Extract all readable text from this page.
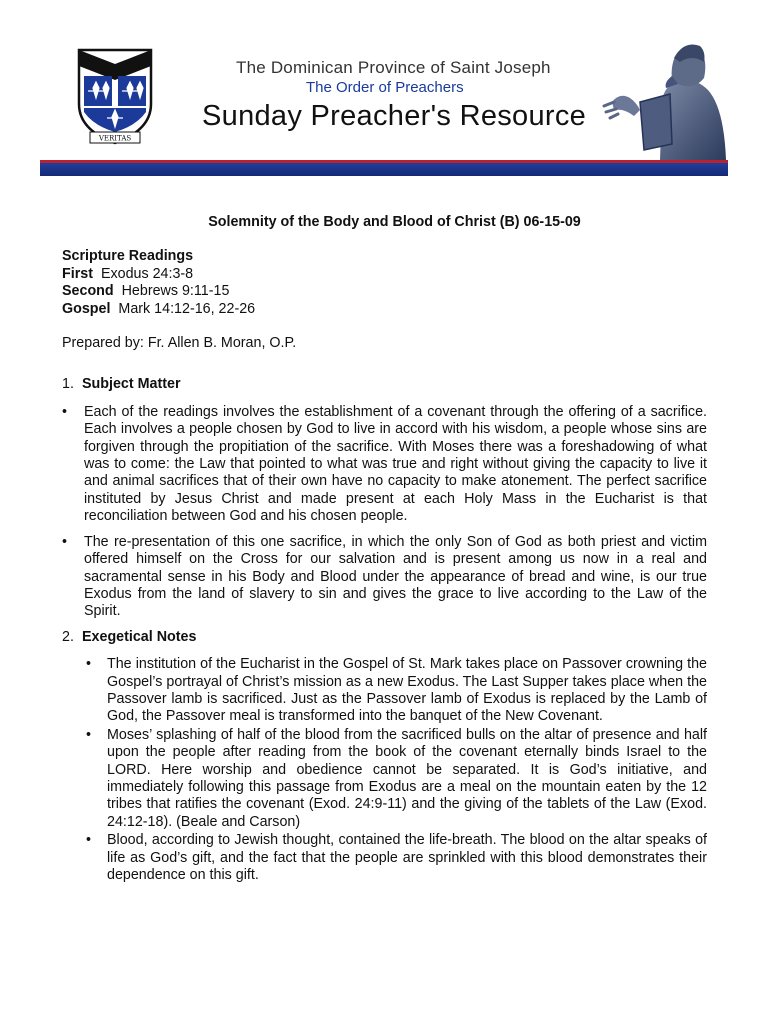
VERITAS
The Dominican Province of Saint Joseph
The Order of Preachers
Sunday Preacher's Resource
Solemnity of the Body and Blood of Christ (B) 06-15-09
Scripture Readings
First Exodus 24:3-8
Second Hebrews 9:11-15
Gospel Mark 14:12-16, 22-26
Prepared by: Fr. Allen B. Moran, O.P.
1. Subject Matter
• Each of the readings involves the establishment of a covenant through the offering of a sacrifice. Each involves a people chosen by God to live in accord with his wisdom, a people whose sins are forgiven through the propitiation of the sacrifice. With Moses there was a foreshadowing of what was to come: the Law that pointed to what was true and right without giving the capacity to live it and animal sacrifices that of their own have no capacity to make atonement. The perfect sacrifice instituted by Jesus Christ and made present at each Holy Mass in the Eucharist is that reconciliation between God and his chosen people.
• The re-presentation of this one sacrifice, in which the only Son of God as both priest and victim offered himself on the Cross for our salvation and is present among us now in a real and sacramental sense in his Body and Blood under the appearance of bread and wine, is our true Exodus from the land of slavery to sin and gives the grace to live according to the Law of the Spirit.
2. Exegetical Notes
• The institution of the Eucharist in the Gospel of St. Mark takes place on Passover crowning the Gospel’s portrayal of Christ’s mission as a new Exodus. The Last Supper takes place when the Passover lamb is sacrificed. Just as the Passover lamb of Exodus is replaced by the Lamb of God, the Passover meal is transformed into the banquet of the New Covenant.
• Moses’ splashing of half of the blood from the sacrificed bulls on the altar of presence and half upon the people after reading from the book of the covenant eternally binds Israel to the LORD. Here worship and obedience cannot be separated. It is God’s initiative, and immediately following this passage from Exodus are a meal on the mountain eaten by the 12 tribes that ratifies the covenant (Exod. 24:9-11) and the giving of the tablets of the Law (Exod. 24:12-18). (Beale and Carson)
• Blood, according to Jewish thought, contained the life-breath. The blood on the altar speaks of life as God’s gift, and the fact that the people are sprinkled with this blood demonstrates their dependence on this gift.
